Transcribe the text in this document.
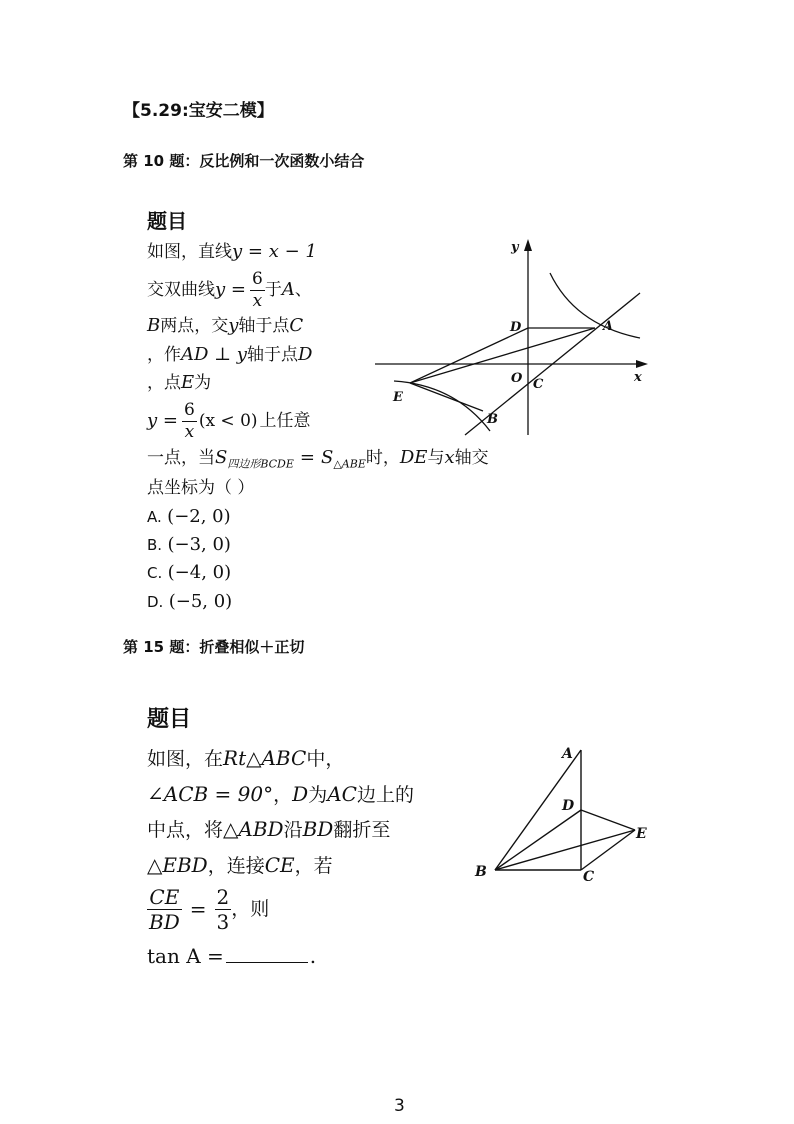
【5.29:宝安二模】
第 10 题：反比例和一次函数小结合
题目
如图，直线y = x − 1
交双曲线 $y = \frac{6}{x}$ 于 A 、
B两点，交y轴于点C
，作AD ⊥ y轴于点D
，点E为
$y = \frac{6}{x} (x < 0)$ 上任意
一点，当$S_{四边形BCDE} = S_{\triangle ABE}$时，DE与x轴交
点坐标为（ ）
A. (−2, 0)
B. (−3, 0)
C. (−4, 0)
D. (−5, 0)
y
x
O C
D	A
B
E
第 15 题：折叠相似＋正切
题目
如图，在Rt△ABC中，
∠ACB = 90°，D为AC边上的
中点，将△ABD沿BD翻折至
△EBD，连接CE，若
$\frac{CE}{BD} = \frac{2}{3}$ ，则
tan A =	.
A
D
E
B	C
3
